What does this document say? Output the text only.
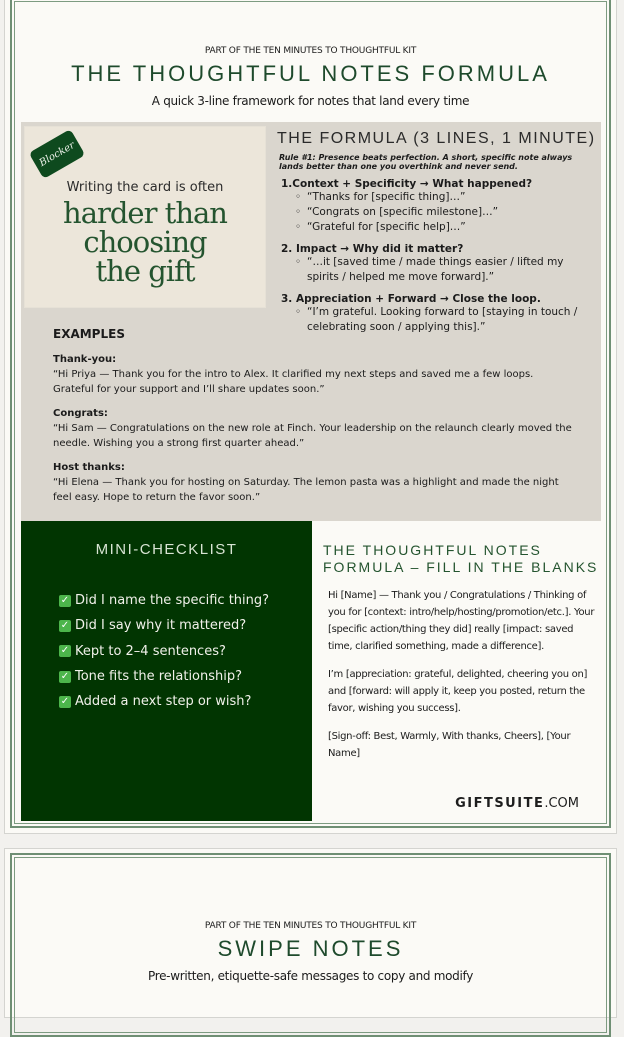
PART OF THE TEN MINUTES TO THOUGHTFUL KIT
THE THOUGHTFUL NOTES FORMULA
A quick 3-line framework for notes that land every time
Blocker
Writing the card is often
harder than
choosing
the gift
THE FORMULA (3 LINES, 1 MINUTE)
Rule #1: Presence beats perfection. A short, specific note always lands better than one you overthink and never send.
1.Context + Specificity → What happened?
◦ “Thanks for [specific thing]…”
◦ “Congrats on [specific milestone]…”
◦ “Grateful for [specific help]…”
2. Impact → Why did it matter?
◦ “…it [saved time / made things easier / lifted my spirits / helped me move forward].”
3. Appreciation + Forward → Close the loop.
◦ “I’m grateful. Looking forward to [staying in touch / celebrating soon / applying this].”
EXAMPLES
Thank-you:
“Hi Priya — Thank you for the intro to Alex. It clarified my next steps and saved me a few loops. Grateful for your support and I’ll share updates soon.”
Congrats:
“Hi Sam — Congratulations on the new role at Finch. Your leadership on the relaunch clearly moved the needle. Wishing you a strong first quarter ahead.”
Host thanks:
“Hi Elena — Thank you for hosting on Saturday. The lemon pasta was a highlight and made the night feel easy. Hope to return the favor soon.”
MINI-CHECKLIST
✓ Did I name the specific thing?
✓ Did I say why it mattered?
✓ Kept to 2–4 sentences?
✓ Tone fits the relationship?
✓ Added a next step or wish?
THE THOUGHTFUL NOTES
FORMULA – FILL IN THE BLANKS

Hi [Name] — Thank you / Congratulations / Thinking of you for [context: intro/help/hosting/promotion/etc.]. Your [specific action/thing they did] really [impact: saved time, clarified something, made a difference].

I’m [appreciation: grateful, delighted, cheering you on] and [forward: will apply it, keep you posted, return the favor, wishing you success].

[Sign-off: Best, Warmly, With thanks, Cheers], [Your Name]

GIFTSUITE.COM
PART OF THE TEN MINUTES TO THOUGHTFUL KIT
SWIPE NOTES
Pre-written, etiquette-safe messages to copy and modify
